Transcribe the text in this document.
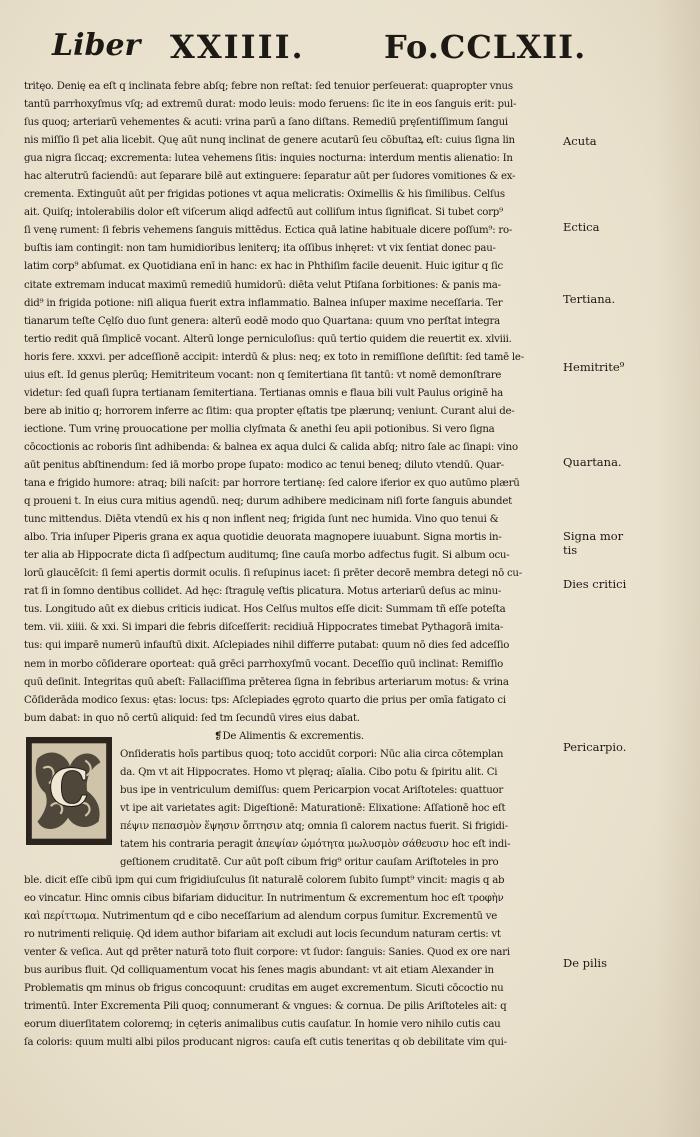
Liber XXIIII. Fo.CCLXII.
tritęo. Denię ea eſt q inclinata febre abſq; febre non reſtat: ſed tenuior perſeuerat: quapropter vnus
tantū parrhoxyſmus vſq; ad extremū durat: modo leuis: modo feruens: ſic ite in eos ſanguis erit: pul-
ſus quoq; arteriarū vehementes & acuti: vrina parū a ſano diſtans. Remediū pręſentiſſimum ſangui
nis miſſio ſi pet alia licebit. Quę aūt nunq inclinat de genere acutarū ſeu cōbuſtaꝝ eſt: cuius ſigna lin
gua nigra ſiccaq; excrementa: lutea vehemens ſitis: inquies nocturna: interdum mentis alienatio: In
hac alterutrū faciendū: aut ſeparare bilē aut extinguere: ſeparatur aūt per ſudores vomitiones & ex-
crementa. Extinguūt aūt per frigidas potiones vt aqua melicratis: Oximellis & his ſimilibus. Celſus
ait. Quiſq; intolerabilis dolor eſt viſcerum aliqd adfectū aut colliſum intus ſignificat. Si tubet corp⁹
ſi venę rument: ſi febris vehemens ſanguis mittēdus. Ectica quā latine habituale dicere poſſum⁹: ro-
buſtis iam contingit: non tam humidioribus leniterq; ita oſſibus inhęret: vt vix ſentiat donec pau-
latim corp⁹ abſumat. ex Quotidiana enī in hanc: ex hac in Phthiſim facile deuenit. Huic igitur q ſic
citate extremam inducat maximū remediū humidorū: diēta velut Ptiſana ſorbitiones: & panis ma-
did⁹ in frigida potione: niſi aliqua fuerit extra inflammatio. Balnea inſuper maxime neceſſaria. Ter
tianarum teſte Cęlſo duo ſunt genera: alterū eodē modo quo Quartana: quum vno perſtat integra
tertio redit quā ſimplicē vocant. Alterū longe perniculoſius: quū tertio quidem die reuertit ex. xlviii.
horis fere. xxxvi. per adceſſionē accipit: interdū & plus: neq; ex toto in remiſſione deſiſtit: ſed tamē le-
uius eſt. Id genus plerūq; Hemitriteum vocant: non q ſemitertiana ſit tantū: vt nomē demonſtrare
videtur: ſed quaſi ſupra tertianam ſemitertiana. Tertianas omnis e flaua bili vult Paulus originē ha
bere ab initio q; horrorem inferre ac ſitim: qua propter ęſtatis tpe plærunq; veniunt. Curant alui de-
iectione. Tum vrinę prouocatione per mollia clyſmata & anethi ſeu apii potionibus. Si vero ſigna
cōcoctionis ac roboris ſint adhibenda: & balnea ex aqua dulci & calida abſq; nitro ſale ac ſinapi: vino
aūt penitus abſtinendum: ſed iā morbo prope ſupato: modico ac tenui beneq; diluto vtendū. Quar-
tana e frigido humore: atraq; bili naſcit: par horrore tertianę: ſed calore iferior ex quo autūmo plærū
q proueni t. In eius cura mitius agendū. neq; durum adhibere medicinam niſi forte ſanguis abundet
tunc mittendus. Diēta vtendū ex his q non inflent neq; frigida ſunt nec humida. Vino quo tenui &
albo. Tria inſuper Piperis grana ex aqua quotidie deuorata magnopere iuuabunt. Signa mortis in-
ter alia ab Hippocrate dicta ſi adſpectum auditumq; ſine cauſa morbo adfectus fugit. Si album ocu-
lorū glaucēſcit: ſi ſemi apertis dormit oculis. ſi reſupinus iacet: ſi prēter decorē membra detegi nō cu-
rat ſi in ſomno dentibus collidet. Ad hęc: ſtragulę veſtis plicatura. Motus arteriarū deſus ac minu-
tus. Longitudo aūt ex diebus criticis iudicat. Hos Celſus multos eſſe dicit: Summam tñ eſſe poteſta
tem. vii. xiiii. & xxi. Si impari die febris diſceſſerit: recidiuā Hippocrates timebat Pythagorā imita-
tus: qui imparē numerū infauſtū dixit. Aſclepiades nihil differre putabat: quum nō dies ſed adceſſio
nem in morbo cōſiderare oporteat: quā grēci parrhoxyſmū vocant. Deceſſio quū inclinat: Remiſſio
quū deſinit. Integritas quū abeſt: Fallaciſſima prēterea ſigna in febribus arteriarum motus: & vrina
Cōſiderāda modico ſexus: ętas: locus: tps: Aſclepiades ęgroto quarto die prius per omīa fatigato ci
bum dabat: in quo nō certū aliquid: ſed tm ſecundū vires eius dabat.
❡De Alimentis & excrementis.
Onſideratis hoīs partibus quoq; toto accidūt corpori: Nūc alia circa cōtemplan
da. Qm vt ait Hippocrates. Homo vt plęraq; aīalia. Cibo potu & ſpiritu alit. Ci
bus ipe in ventriculum demiſſus: quem Pericarpion vocat Ariſtoteles: quattuor
vt ipe ait varietates agit: Digeſtionē: Maturationē: Elixatione: Aſſationē hoc eſt
πέψιν πεπασμὸν ἕψησιν ὄπτησιν atq; omnia ſi calorem nactus fuerit. Si frigidi-
tatem his contraria peragit ἀπεψίαν ὠμότητα μωλυσμὸν σάθευσιν hoc eſt indi-
geſtionem cruditatē. Cur aūt poſt cibum frig⁹ oritur cauſam Ariſtoteles in pro
ble. dicit eſſe cibū ipm qui cum frigidiuſculus ſit naturalē colorem ſubito ſumpt⁹ vincit: magis q ab
eo vincatur. Hinc omnis cibus bifariam diducitur. In nutrimentum & excrementum hoc eſt τροφὴν
καὶ περίττωμα. Nutrimentum qd e cibo neceſſarium ad alendum corpus ſumitur. Excrementū ve
ro nutrimenti reliquię. Qd idem author bifariam ait excludi aut locis ſecundum naturam certis: vt
venter & veſica. Aut qd prēter naturā toto fluit corpore: vt ſudor: ſanguis: Sanies. Quod ex ore nari
bus auribus fluit. Qd colliquamentum vocat his ſenes magis abundant: vt ait etiam Alexander in
Problematis qm minus ob frigus concoquunt: cruditas em auget excrementum. Sicuti cōcoctio nu
trimentū. Inter Excrementa Pili quoq; connumerant & vngues: & cornua. De pilis Ariſtoteles ait: q
eorum diuerſitatem coloremq; in cęteris animalibus cutis cauſatur. In homie vero nihilo cutis cau
ſa coloris: quum multi albi pilos producant nigros: cauſa eſt cutis teneritas q ob debilitate vim qui-
C
Acuta
Ectica
Tertiana.
Hemitrite⁹
Quartana.
Signa mor tis
Dies critici
Pericarpio.
De pilis
